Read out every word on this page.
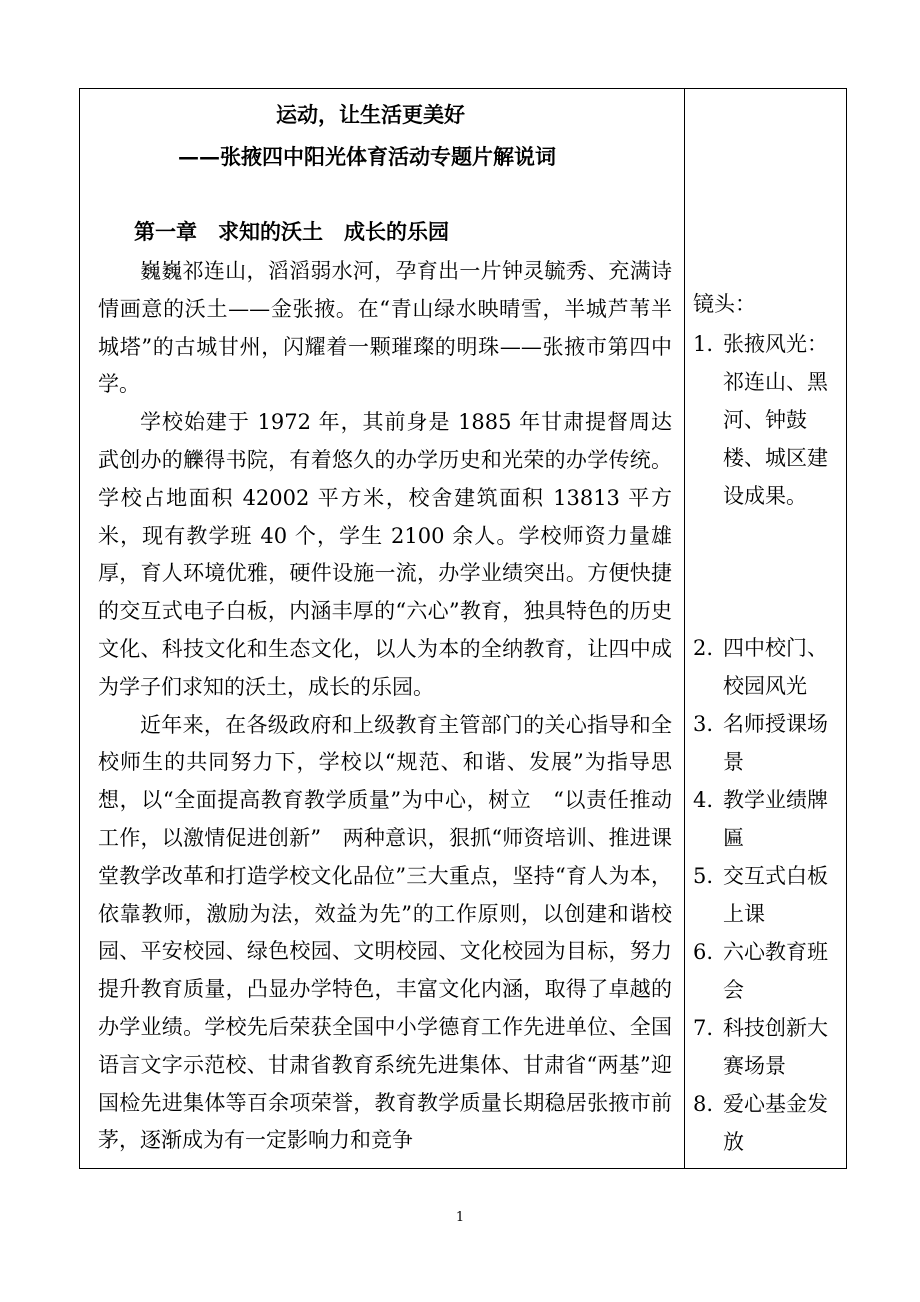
运动，让生活更美好
——张掖四中阳光体育活动专题片解说词
第一章　求知的沃土　成长的乐园

巍巍祁连山，滔滔弱水河，孕育出一片钟灵毓秀、充满诗情画意的沃土——金张掖。在“青山绿水映晴雪，半城芦苇半城塔”的古城甘州，闪耀着一颗璀璨的明珠——张掖市第四中学。

学校始建于 1972 年，其前身是 1885 年甘肃提督周达武创办的觻得书院，有着悠久的办学历史和光荣的办学传统。学校占地面积 42002 平方米，校舍建筑面积 13813 平方米，现有教学班 40 个，学生 2100 余人。学校师资力量雄厚，育人环境优雅，硬件设施一流，办学业绩突出。方便快捷的交互式电子白板，内涵丰厚的“六心”教育，独具特色的历史文化、科技文化和生态文化，以人为本的全纳教育，让四中成为学子们求知的沃土，成长的乐园。

近年来，在各级政府和上级教育主管部门的关心指导和全校师生的共同努力下，学校以“规范、和谐、发展”为指导思想，以“全面提高教育教学质量”为中心，树立　“以责任推动工作，以激情促进创新”　两种意识，狠抓“师资培训、推进课堂教学改革和打造学校文化品位”三大重点，坚持“育人为本，依靠教师，激励为法，效益为先”的工作原则，以创建和谐校园、平安校园、绿色校园、文明校园、文化校园为目标，努力提升教育质量，凸显办学特色，丰富文化内涵，取得了卓越的办学业绩。学校先后荣获全国中小学德育工作先进单位、全国语言文字示范校、甘肃省教育系统先进集体、甘肃省“两基”迎国检先进集体等百余项荣誉，教育教学质量长期稳居张掖市前茅，逐渐成为有一定影响力和竞争

镜头：
1. 张掖风光：祁连山、黑河、钟鼓楼、城区建设成果。
2. 四中校门、校园风光
3. 名师授课场景
4. 教学业绩牌匾
5. 交互式白板上课
6. 六心教育班会
7. 科技创新大赛场景
8. 爱心基金发放
1
